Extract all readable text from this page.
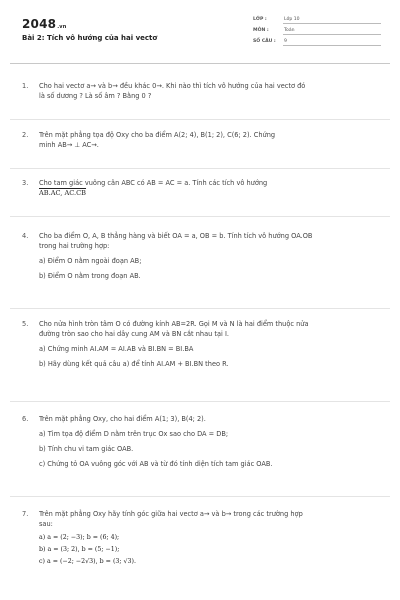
2048.vn
Bài 2: Tích vô hướng của hai vectơ
LỚP :	Lớp 10
MÔN :	Toán
SỐ CÂU :	9
1.	Cho hai vectơ a→ và b→ đều khác 0→. Khi nào thì tích vô hướng của hai vectơ đó
là số dương ? Là số âm ? Bằng 0 ?
2.	Trên mặt phẳng tọa độ Oxy cho ba điểm A(2; 4), B(1; 2), C(6; 2). Chứng
minh AB→ ⊥ AC→.
3.	Cho tam giác vuông cân ABC có AB = AC = a. Tính các tích vô hướng
AB.AC, AC.CB
4.	Cho ba điểm O, A, B thẳng hàng và biết OA = a, OB = b. Tính tích vô hướng OA.OB
trong hai trường hợp:
a) Điểm O nằm ngoài đoạn AB;
b) Điểm O nằm trong đoạn AB.
5.	Cho nửa hình tròn tâm O có đường kính AB=2R. Gọi M và N là hai điểm thuộc nửa
đường tròn sao cho hai dây cung AM và BN cắt nhau tại I.
a) Chứng minh AI.AM = AI.AB và BI.BN = BI.BA
b) Hãy dùng kết quả câu a) để tính AI.AM + BI.BN theo R.
6.	Trên mặt phẳng Oxy, cho hai điểm A(1; 3), B(4; 2).
a) Tìm tọa độ điểm D nằm trên trục Ox sao cho DA = DB;
b) Tính chu vi tam giác OAB.
c) Chứng tỏ OA vuông góc với AB và từ đó tính diện tích tam giác OAB.
7.	Trên mặt phẳng Oxy hãy tính góc giữa hai vectơ a→ và b→ trong các trường hợp
sau:
a) a = (2; −3); b = (6; 4);
b) a = (3; 2), b = (5; −1);
c) a = (−2; −2√3), b = (3; √3).
